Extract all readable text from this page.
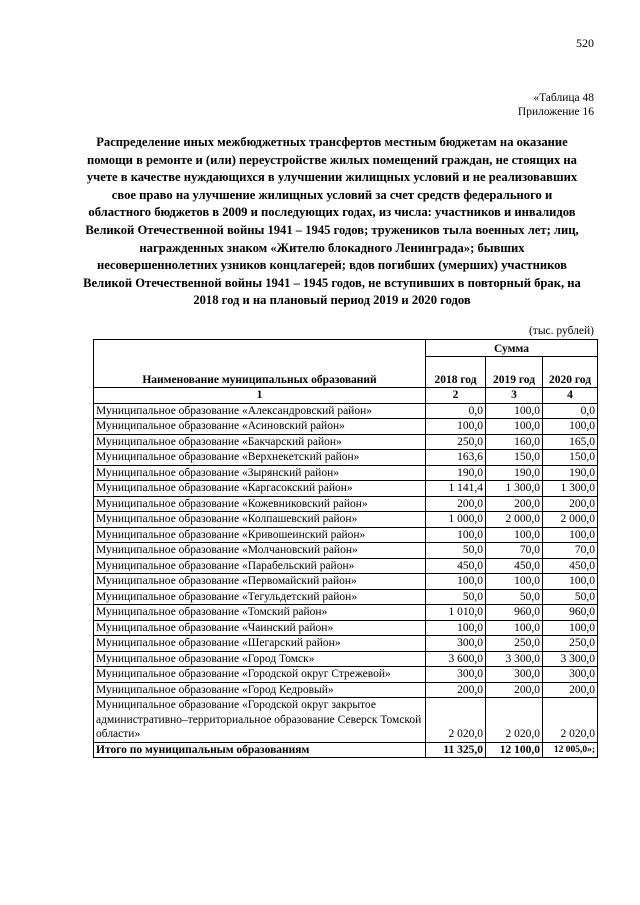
520
«Таблица 48
Приложение 16
Распределение иных межбюджетных трансфертов местным бюджетам на оказание помощи в ремонте и (или) переустройстве жилых помещений граждан, не стоящих на учете в качестве нуждающихся в улучшении жилищных условий и не реализовавших свое право на улучшение жилищных условий за счет средств федерального и областного бюджетов в 2009 и последующих годах, из числа: участников и инвалидов Великой Отечественной войны 1941 – 1945 годов; тружеников тыла военных лет; лиц, награжденных знаком «Жителю блокадного Ленинграда»; бывших несовершеннолетних узников концлагерей; вдов погибших (умерших) участников Великой Отечественной войны 1941 – 1945 годов, не вступивших в повторный брак, на 2018 год и на плановый период 2019 и 2020 годов
(тыс. рублей)
Наименование муниципальных образований	Сумма		
	2018 год	2019 год	2020 год
1	2	3	4
Муниципальное образование «Александровский район»	0,0	100,0	0,0
Муниципальное образование «Асиновский район»	100,0	100,0	100,0
Муниципальное образование «Бакчарский район»	250,0	160,0	165,0
Муниципальное образование «Верхнекетский район»	163,6	150,0	150,0
Муниципальное образование «Зырянский район»	190,0	190,0	190,0
Муниципальное образование «Каргасокский район»	1 141,4	1 300,0	1 300,0
Муниципальное образование «Кожевниковский район»	200,0	200,0	200,0
Муниципальное образование «Колпашевский район»	1 000,0	2 000,0	2 000,0
Муниципальное образование «Кривошеинский район»	100,0	100,0	100,0
Муниципальное образование «Молчановский район»	50,0	70,0	70,0
Муниципальное образование «Парабельский район»	450,0	450,0	450,0
Муниципальное образование «Первомайский район»	100,0	100,0	100,0
Муниципальное образование «Тегульдетский район»	50,0	50,0	50,0
Муниципальное образование «Томский район»	1 010,0	960,0	960,0
Муниципальное образование «Чаинский район»	100,0	100,0	100,0
Муниципальное образование «Шегарский район»	300,0	250,0	250,0
Муниципальное образование «Город Томск»	3 600,0	3 300,0	3 300,0
Муниципальное образование «Городской округ Стрежевой»	300,0	300,0	300,0
Муниципальное образование «Город Кедровый»	200,0	200,0	200,0
Муниципальное образование «Городской округ закрытое административно–территориальное образование Северск Томской области»	2 020,0	2 020,0	2 020,0
Итого по муниципальным образованиям	11 325,0	12 100,0	12 005,0»;
